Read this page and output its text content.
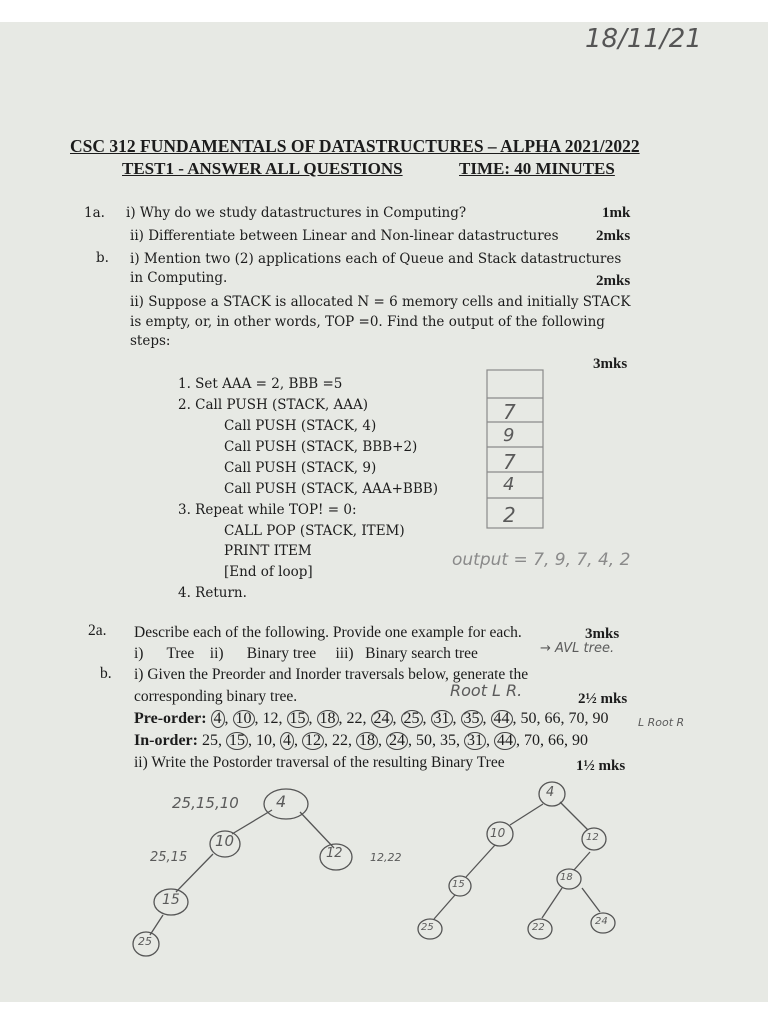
18/11/21
CSC 312 FUNDAMENTALS OF DATASTRUCTURES – ALPHA 2021/2022
TEST1 - ANSWER ALL QUESTIONS	TIME: 40 MINUTES
1a. i) Why do we study datastructures in Computing?	1mk
ii) Differentiate between Linear and Non-linear datastructures 2mks
b. i) Mention two (2) applications each of Queue and Stack datastructures
in Computing.	2mks
ii) Suppose a STACK is allocated N = 6 memory cells and initially STACK
is empty, or, in other words, TOP =0. Find the output of the following
steps:
3mks
1. Set AAA = 2, BBB =5
2. Call PUSH (STACK, AAA)
Call PUSH (STACK, 4)
Call PUSH (STACK, BBB+2)
Call PUSH (STACK, 9)
Call PUSH (STACK, AAA+BBB)
3. Repeat while TOP! = 0:
CALL POP (STACK, ITEM)
PRINT ITEM
[End of loop]
4. Return.
7
9
7
4
2
output = 7, 9, 7, 4, 2
2a. Describe each of the following. Provide one example for each.	3mks
i)      Tree    ii)      Binary tree     iii)   Binary search tree	→ AVL tree.
b. i) Given the Preorder and Inorder traversals below, generate the
corresponding binary tree.	Root L R.	2½ mks
Pre-order: 4 , 10 , 12, 15 , 18 , 22, 24 , 25 , 31 , 35 , 44 , 50, 66, 70, 90	L Root R
In-order: 25, 15 , 10, 4 , 12 , 22, 18 , 24 , 50, 35, 31 , 44 , 70, 66, 90
ii) Write the Postorder traversal of the resulting Binary Tree	1½ mks
25,15,10
25,15	12,22
4
10
12
15
25
4
10	12
15
18
25	22
24
